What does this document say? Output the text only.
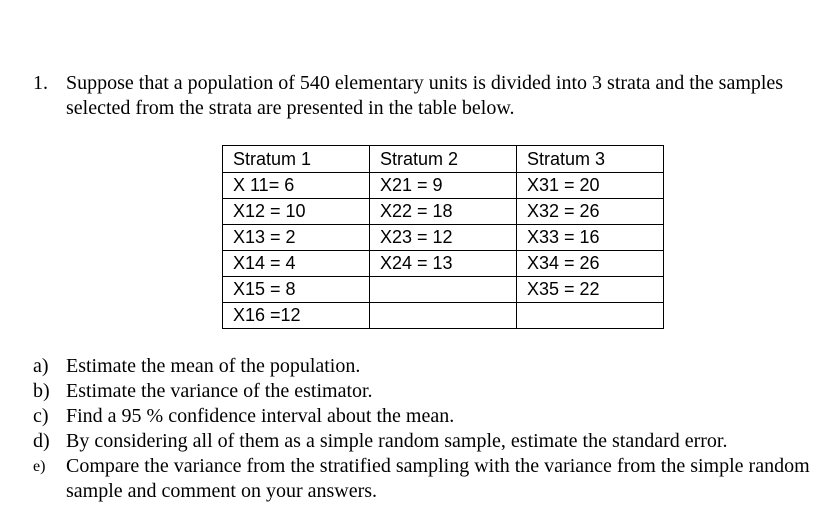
1. Suppose that a population of 540 elementary units is divided into 3 strata and the samples selected from the strata are presented in the table below.
Stratum 1	Stratum 2	Stratum 3
X 11= 6	X21 = 9	X31 = 20
X12 = 10	X22 = 18	X32 = 26
X13 = 2	X23 = 12	X33 = 16
X14 = 4	X24 = 13	X34 = 26
X15 = 8		X35 = 22
X16 =12		
a) Estimate the mean of the population.
b) Estimate the variance of the estimator.
c) Find a 95 % confidence interval about the mean.
d) By considering all of them as a simple random sample, estimate the standard error.
e) Compare the variance from the stratified sampling with the variance from the simple random sample and comment on your answers.
